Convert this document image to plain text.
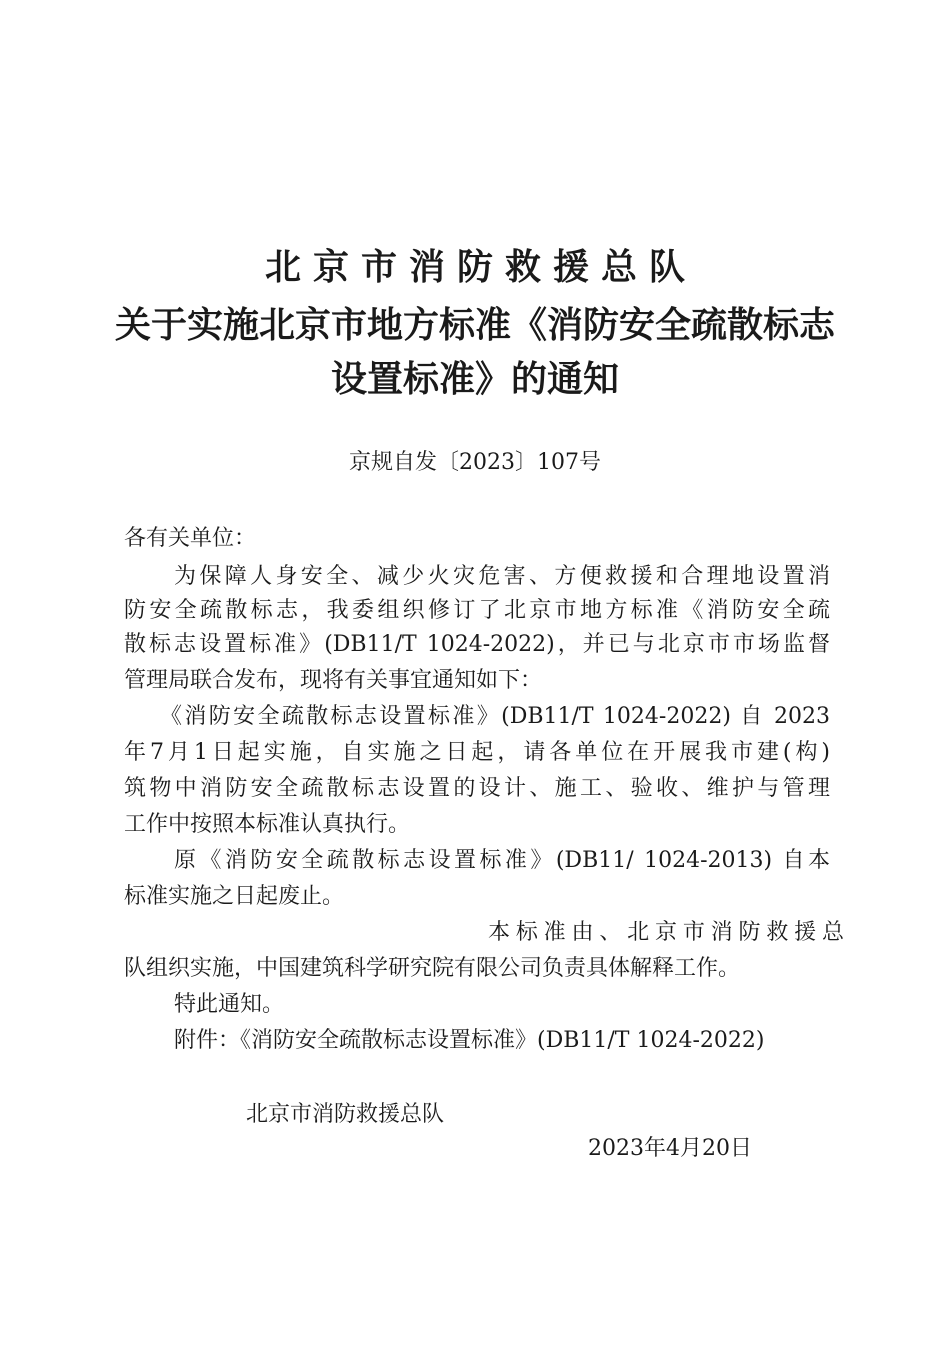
北京市消防救援总队
关于实施北京市地方标准《消防安全疏散标志
设置标准》的通知
京规自发〔2023〕107号
各有关单位：
为保障人身安全、减少火灾危害、方便救援和合理地设置消
防安全疏散标志，我委组织修订了北京市地方标准《消防安全疏
散标志设置标准》(DB11/T 1024-2022)，并已与北京市市场监督
管理局联合发布，现将有关事宜通知如下：
《消防安全疏散标志设置标准》(DB11/T 1024-2022) 自 2023
年7月1日起实施，自实施之日起，请各单位在开展我市建(构)
筑物中消防安全疏散标志设置的设计、施工、验收、维护与管理
工作中按照本标准认真执行。
原《消防安全疏散标志设置标准》(DB11/ 1024-2013) 自本
标准实施之日起废止。
本标准由、北京市消防救援总
队组织实施，中国建筑科学研究院有限公司负责具体解释工作。
特此通知。
附件：《消防安全疏散标志设置标准》(DB11/T 1024-2022)
北京市消防救援总队
2023年4月20日
